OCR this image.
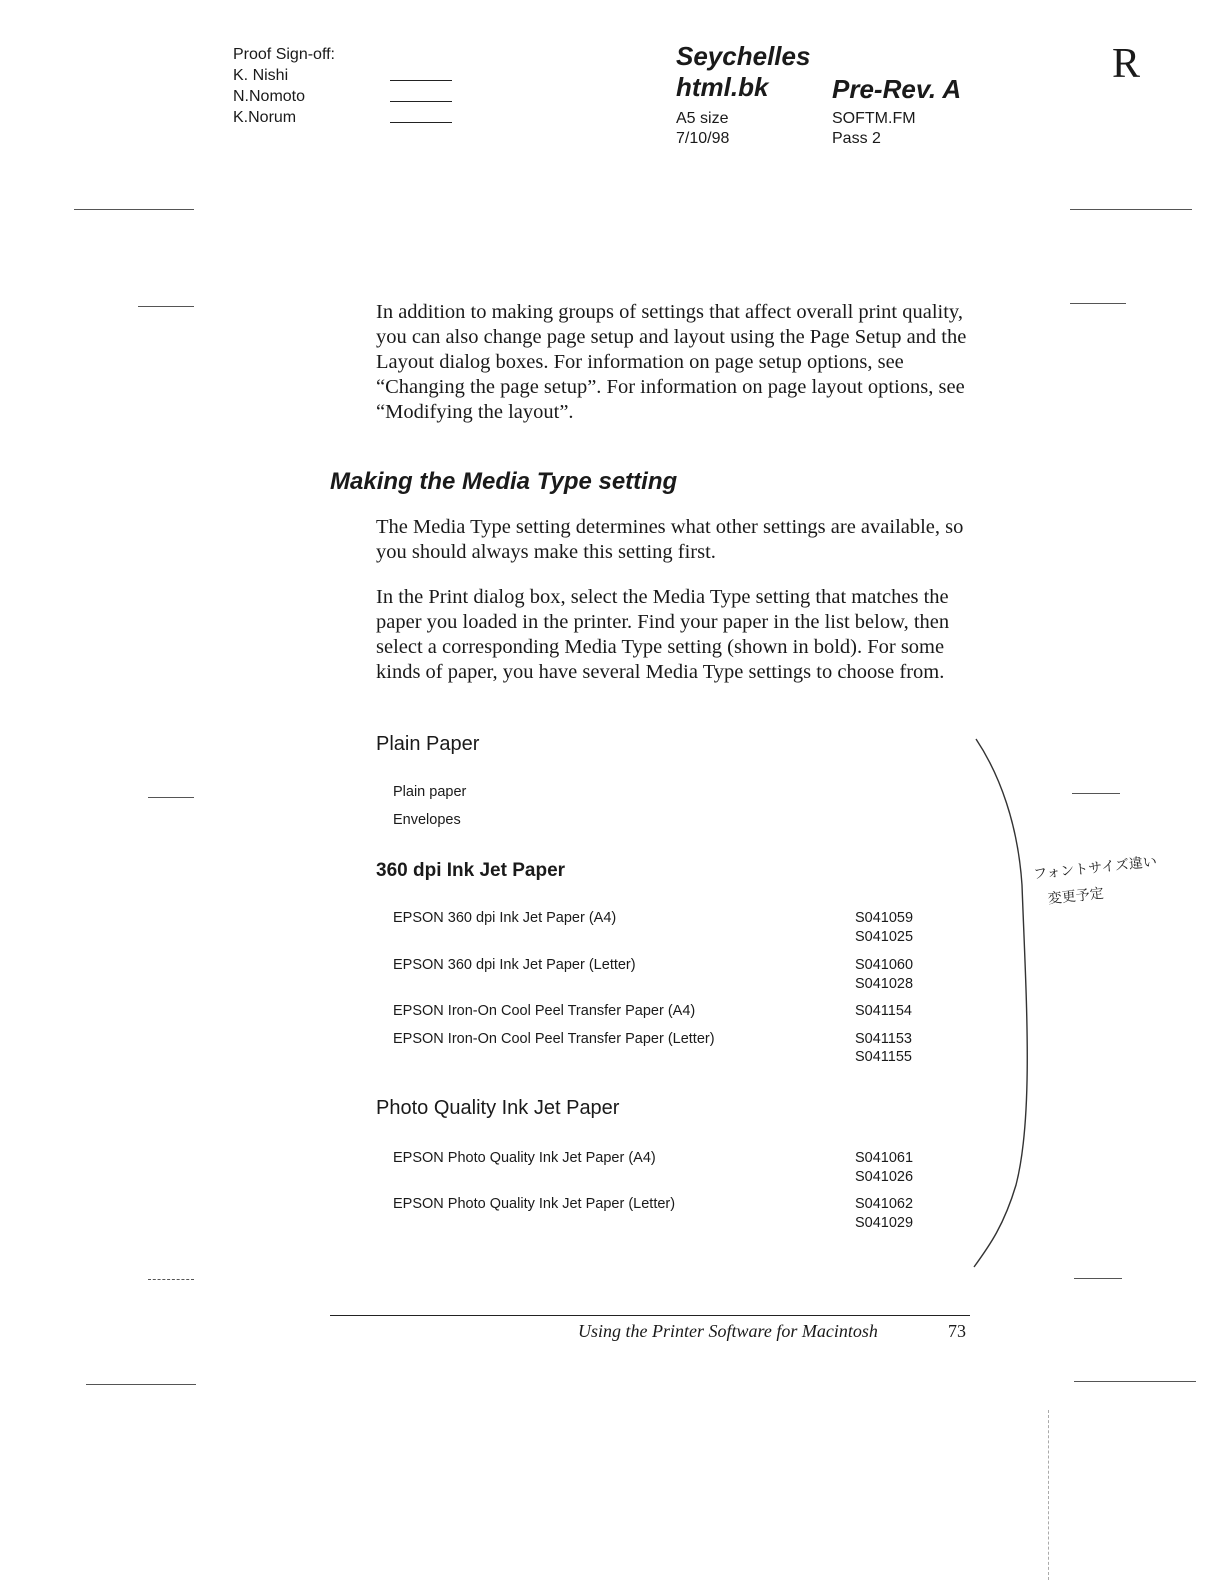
Proof Sign-off:
K. Nishi
N.Nomoto
K.Norum
Seychelles
html.bk Pre-Rev. A
A5 size
7/10/98
SOFTM.FM
Pass 2
R
In addition to making groups of settings that affect overall print quality, you can also change page setup and layout using the Page Setup and the Layout dialog boxes. For information on page setup options, see “Changing the page setup”. For information on page layout options, see “Modifying the layout”.
Making the Media Type setting
The Media Type setting determines what other settings are available, so you should always make this setting first.
In the Print dialog box, select the Media Type setting that matches the paper you loaded in the printer. Find your paper in the list below, then select a corresponding Media Type setting (shown in bold). For some kinds of paper, you have several Media Type settings to choose from.
Plain Paper
Plain paper
Envelopes
360 dpi Ink Jet Paper
EPSON 360 dpi Ink Jet Paper (A4)	S041059
S041025
EPSON 360 dpi Ink Jet Paper (Letter)	S041060
S041028
EPSON Iron-On Cool Peel Transfer Paper (A4)	S041154
EPSON Iron-On Cool Peel Transfer Paper (Letter)	S041153
S041155
Photo Quality Ink Jet Paper
EPSON Photo Quality Ink Jet Paper (A4)	S041061
S041026
EPSON Photo Quality Ink Jet Paper (Letter)	S041062
S041029
フォントサイズ違い
変更予定
Using the Printer Software for Macintosh	73
